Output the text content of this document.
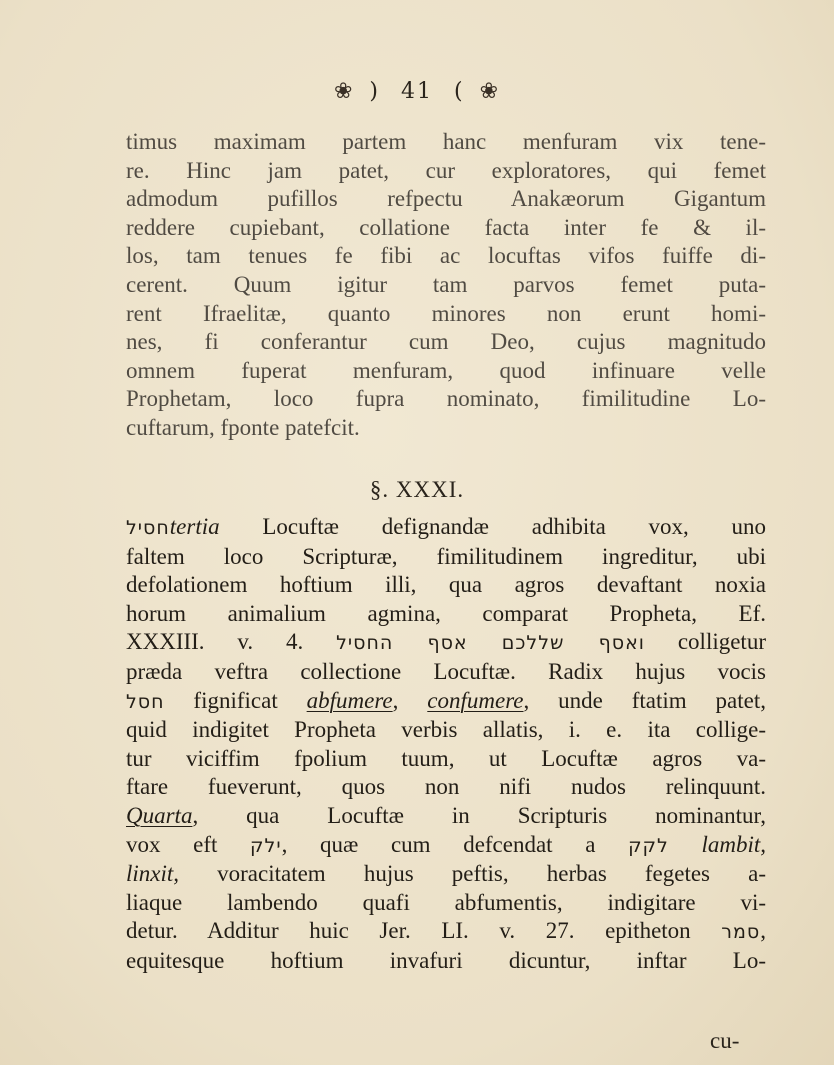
❀ ) 41 ( ❀
timus maximam partem hanc menfuram vix tene-
re. Hinc jam patet, cur exploratores, qui femet
admodum pufillos refpectu Anakæorum Gigantum
reddere cupiebant, collatione facta inter fe & il-
los, tam tenues fe fibi ac locuftas vifos fuiffe di-
cerent. Quum igitur tam parvos femet puta-
rent Ifraelitæ, quanto minores non erunt homi-
nes, fi conferantur cum Deo, cujus magnitudo
omnem fuperat menfuram, quod infinuare velle
Prophetam, loco fupra nominato, fimilitudine Lo-
cuftarum, fponte patefcit.
§. XXXI.
חסילtertia Locuftæ defignandæ adhibita vox, uno
faltem loco Scripturæ, fimilitudinem ingreditur, ubi
defolationem hoftium illi, qua agros devaftant noxia
horum animalium agmina, comparat Propheta, Ef.
XXXIII. v. 4. ואסף שללכם אסף החסיל colligetur
præda veftra collectione Locuftæ. Radix hujus vocis
חסל fignificat abfumere, confumere, unde ftatim patet,
quid indigitet Propheta verbis allatis, i. e. ita collige-
tur viciffim fpolium tuum, ut Locuftæ agros va-
ftare fueverunt, quos non nifi nudos relinquunt.
Quarta, qua Locuftæ in Scripturis nominantur,
vox eft ילק, quæ cum defcendat a לקק lambit,
linxit, voracitatem hujus peftis, herbas fegetes a-
liaque lambendo quafi abfumentis, indigitare vi-
detur. Additur huic Jer. LI. v. 27. epitheton סמר,
equitesque hoftium invafuri dicuntur, inftar Lo-
cu-
